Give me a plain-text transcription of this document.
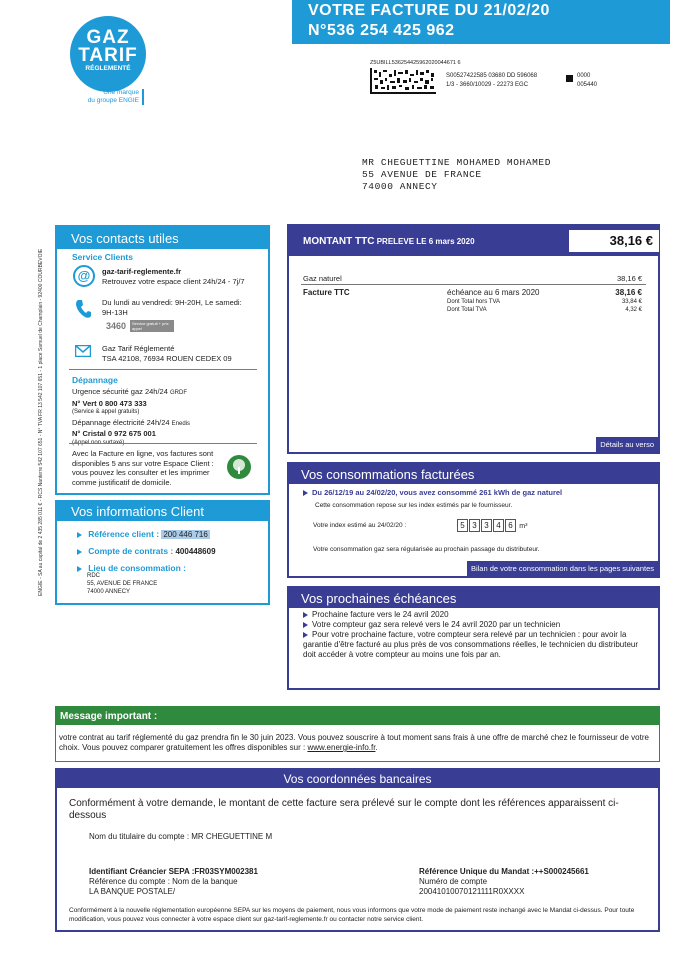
GAZ
TARIF
RÉGLEMENTÉ
Une marque
du groupe ENGIE
VOTRE FACTURE DU 21/02/20
N°536 254 425 962
Z5UBILL536254425962020044671 6
S00527422585 03680 DD 596068
1/3 - 3660/10029 - 22273 EGC
0000
005440
MR CHEGUETTINE MOHAMED MOHAMED
55 AVENUE DE FRANCE
74000 ANNECY
ENGIE - SA au capital de 2 435 285 011 € - RCS Nanterre 542 107 651 - N° TVA FR 13 542 107 651 - 1 place Samuel de Champlain - 92400 COURBEVOIE
Vos contacts utiles
Service Clients
@	gaz-tarif-reglemente.fr
Retrouvez votre espace client 24h/24 - 7j/7
Du lundi au vendredi: 9H-20H, Le samedi: 9H-13H
3460	Service gratuit + prix appel
Gaz Tarif Réglementé
TSA 42108, 76934 ROUEN CEDEX 09
Dépannage
Urgence sécurité gaz 24h/24 GRDF
N° Vert 0 800 473 333
(Service & appel gratuits)
Dépannage électricité 24h/24 Enedis
N° Cristal 0 972 675 001
(Appel non surtaxé)
Avec la Facture en ligne, vos factures sont disponibles 5 ans sur votre Espace Client : vous pouvez les consulter et les imprimer comme justificatif de domicile.
Vos informations Client
Référence client : 200 446 716
Compte de contrats : 400448609
Lieu de consommation :
RDC
55, AVENUE DE FRANCE
74000 ANNECY
MONTANT TTC
PRELEVE LE 6 mars 2020	38,16 €
Gaz naturel	38,16 €
Facture TTC	échéance au 6 mars 2020	38,16 €
Dont Total hors TVA	33,84 €
Dont Total TVA	4,32 €
Détails au verso
Vos consommations facturées
Du 26/12/19 au 24/02/20, vous avez consommé 261 kWh de gaz naturel
Cette consommation repose sur les index estimés par le fournisseur.
Votre index estimé au 24/02/20 :	5 3 3 4 6 m³
Votre consommation gaz sera régularisée au prochain passage du distributeur.
Bilan de votre consommation dans les pages suivantes
Vos prochaines échéances
Prochaine facture vers le 24 avril 2020
Votre compteur gaz sera relevé vers le 24 avril 2020 par un technicien
Pour votre prochaine facture, votre compteur sera relevé par un technicien : pour avoir la garantie d'être facturé au plus près de vos consommations réelles, le technicien du distributeur doit accéder à votre compteur au moins une fois par an.
Message important :
votre contrat au tarif réglementé du gaz prendra fin le 30 juin 2023. Vous pouvez souscrire à tout moment sans frais à une offre de marché chez le fournisseur de votre choix. Vous pouvez comparer gratuitement les offres disponibles sur : www.energie-info.fr.
Vos coordonnées bancaires
Conformément à votre demande, le montant de cette facture sera prélevé sur le compte dont les références apparaissent ci-dessous
Nom du titulaire du compte : MR CHEGUETTINE M
Identifiant Créancier SEPA :FR03SYM002381
Référence du compte : Nom de la banque
LA BANQUE POSTALE/
Référence Unique du Mandat :++S000245661
Numéro de compte
20041010070121111R0XXXX
Conformément à la nouvelle réglementation européenne SEPA sur les moyens de paiement, nous vous informons que votre mode de paiement reste inchangé avec le Mandat ci-dessus. Pour toute modification, vous pouvez vous connecter à votre espace client sur gaz-tarif-reglemente.fr ou contacter notre service client.
